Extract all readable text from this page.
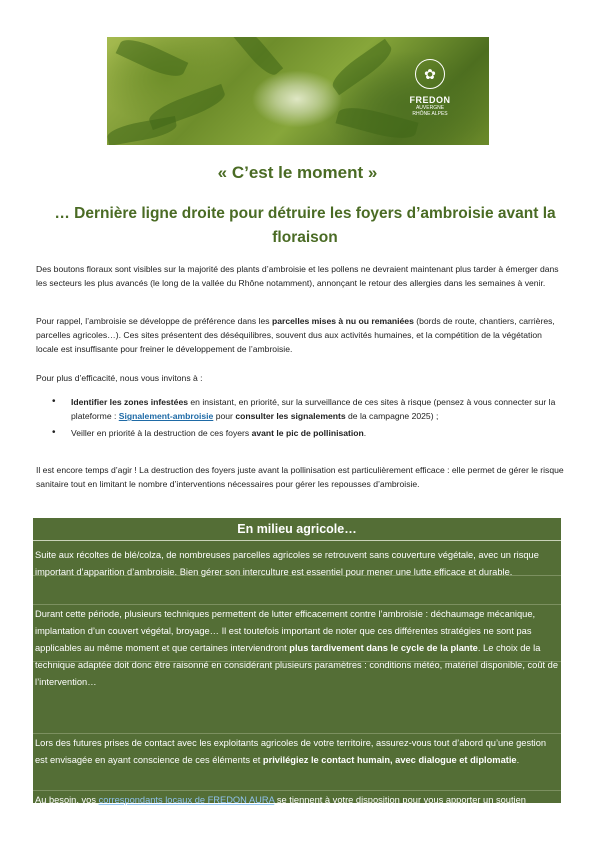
✿
FREDON
AUVERGNE
RHÔNE ALPES
« C’est le moment »
… Dernière ligne droite pour détruire les foyers d’ambroisie avant la floraison

Des boutons floraux sont visibles sur la majorité des plants d’ambroisie et les pollens ne devraient maintenant plus tarder à émerger dans les secteurs les plus avancés (le long de la vallée du Rhône notamment), annonçant le retour des allergies dans les semaines à venir.

Pour rappel, l’ambroisie se développe de préférence dans les parcelles mises à nu ou remaniées (bords de route, chantiers, carrières, parcelles agricoles…). Ces sites présentent des déséquilibres, souvent dus aux activités humaines, et la compétition de la végétation locale est insuffisante pour freiner le développement de l’ambroisie.

Pour plus d’efficacité, nous vous invitons à :

• Identifier les zones infestées en insistant, en priorité, sur la surveillance de ces sites à risque (pensez à vous connecter sur la plateforme : Signalement-ambroisie pour consulter les signalements de la campagne 2025) ;
• Veiller en priorité à la destruction de ces foyers avant le pic de pollinisation.

Il est encore temps d’agir ! La destruction des foyers juste avant la pollinisation est particulièrement efficace : elle permet de gérer le risque sanitaire tout en limitant le nombre d’interventions nécessaires pour gérer les repousses d’ambroisie.

En milieu agricole…

Suite aux récoltes de blé/colza, de nombreuses parcelles agricoles se retrouvent sans couverture végétale, avec un risque important d’apparition d’ambroisie. Bien gérer son interculture est essentiel pour mener une lutte efficace et durable.

Durant cette période, plusieurs techniques permettent de lutter efficacement contre l’ambroisie : déchaumage mécanique, implantation d’un couvert végétal, broyage… Il est toutefois important de noter que ces différentes stratégies ne sont pas applicables au même moment et que certaines interviendront plus tardivement dans le cycle de la plante. Le choix de la technique adaptée doit donc être raisonné en considérant plusieurs paramètres : conditions météo, matériel disponible, coût de l’intervention…

Lors des futures prises de contact avec les exploitants agricoles de votre territoire, assurez-vous tout d’abord qu’une gestion est envisagée en ayant conscience de ces éléments et privilégiez le contact humain, avec dialogue et diplomatie.

Au besoin, vos correspondants locaux de FREDON AURA se tiennent à votre disposition pour vous apporter un soutien technique, sur le terrain, dans la gestion des situations conflictuelles
